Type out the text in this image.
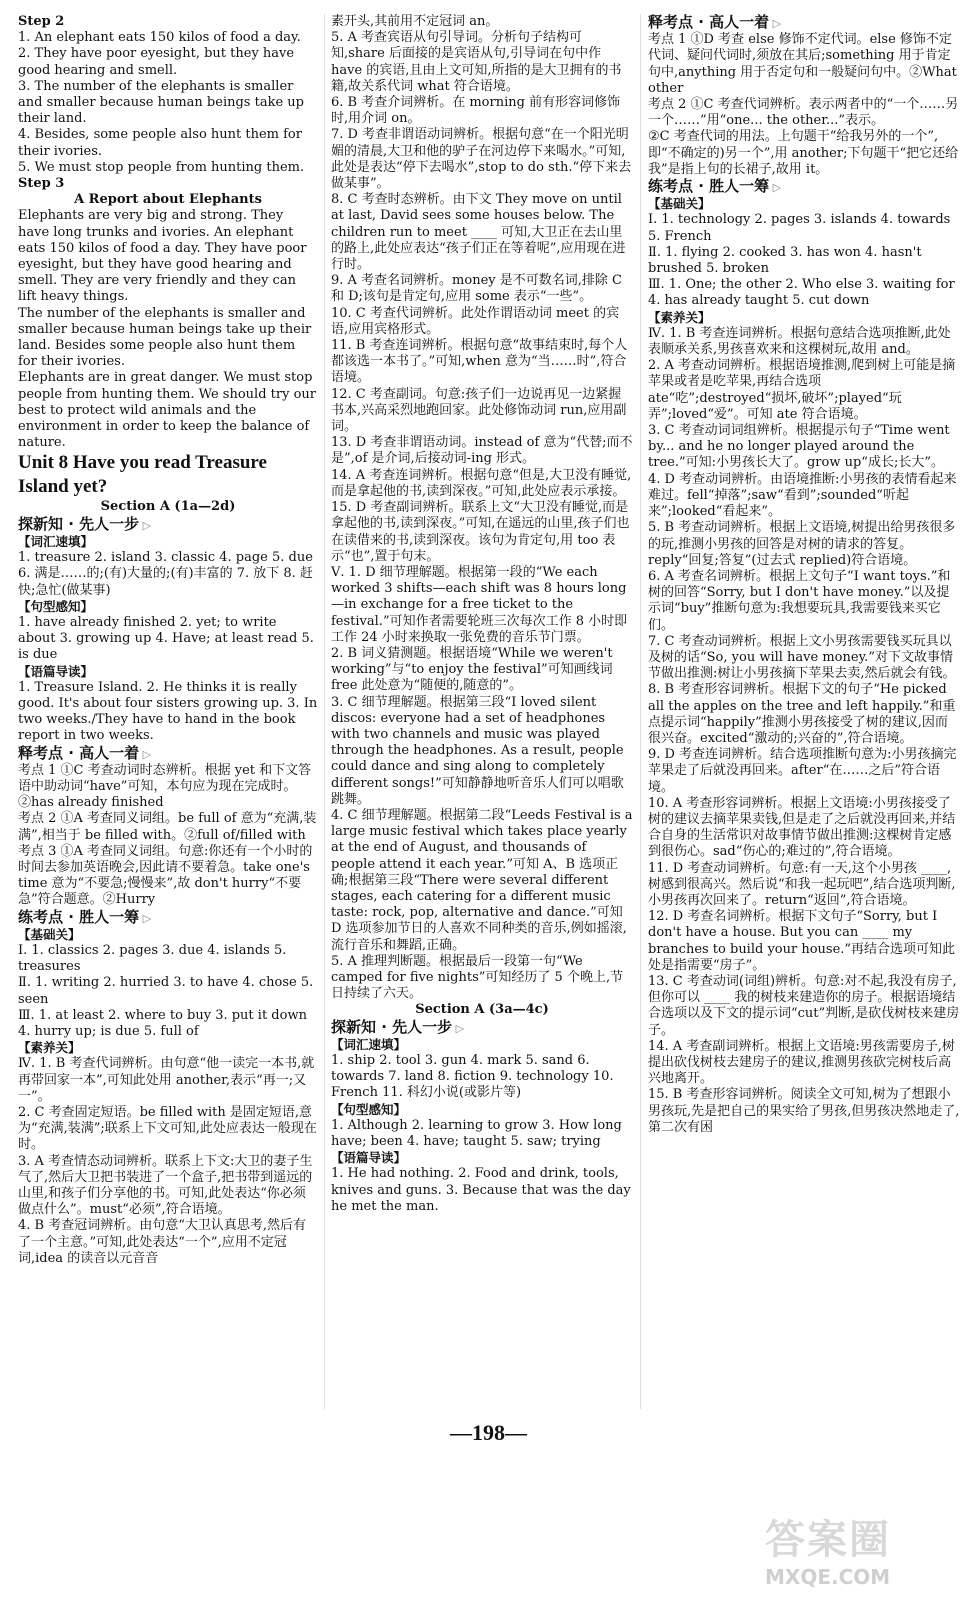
Step 2
1. An elephant eats 150 kilos of food a day.
2. They have poor eyesight, but they have good hearing and smell.
3. The number of the elephants is smaller and smaller because human beings take up their land.
4. Besides, some people also hunt them for their ivories.
5. We must stop people from hunting them.
Step 3
A Report about Elephants
Elephants are very big and strong. They have long trunks and ivories. An elephant eats 150 kilos of food a day. They have poor eyesight, but they have good hearing and smell. They are very friendly and they can lift heavy things.
The number of the elephants is smaller and smaller because human beings take up their land. Besides some people also hunt them for their ivories.
Elephants are in great danger. We must stop people from hunting them. We should try our best to protect wild animals and the environment in order to keep the balance of nature.
Unit 8 Have you read Treasure Island yet?
Section A (1a—2d)
探新知 · 先人一步 ▷
【词汇速填】
1. treasure 2. island 3. classic 4. page 5. due 6. 满是……的;(有)大量的;(有)丰富的 7. 放下 8. 赶快;急忙(做某事)
【句型感知】
1. have already finished 2. yet; to write about 3. growing up 4. Have; at least read 5. is due
【语篇导读】
1. Treasure Island. 2. He thinks it is really good. It's about four sisters growing up. 3. In two weeks./They have to hand in the book report in two weeks.
释考点 · 高人一着 ▷
考点 1 ①C 考查动词时态辨析。根据 yet 和下文答语中助动词“have”可知，本句应为现在完成时。②has already finished
考点 2 ①A 考查同义词组。be full of 意为“充满,装满”,相当于 be filled with。②full of/filled with
考点 3 ①A 考查同义词组。句意:你还有一个小时的时间去参加英语晚会,因此请不要着急。take one's time 意为“不要急;慢慢来”,故 don't hurry“不要急”符合题意。②Hurry
练考点 · 胜人一筹 ▷
【基础关】
Ⅰ. 1. classics 2. pages 3. due 4. islands 5. treasures
Ⅱ. 1. writing 2. hurried 3. to have 4. chose 5. seen
Ⅲ. 1. at least 2. where to buy 3. put it down 4. hurry up; is due 5. full of
【素养关】
Ⅳ. 1. B 考查代词辨析。由句意“他一读完一本书,就再带回家一本”,可知此处用 another,表示“再一;又一”。
2. C 考查固定短语。be filled with 是固定短语,意为“充满,装满”;联系上下文可知,此处应表达一般现在时。
3. A 考查情态动词辨析。联系上下文:大卫的妻子生气了,然后大卫把书装进了一个盒子,把书带到遥远的山里,和孩子们分享他的书。可知,此处表达“你必须做点什么”。must“必须”,符合语境。
4. B 考查冠词辨析。由句意“大卫认真思考,然后有了一个主意。”可知,此处表达“一个”,应用不定冠词,idea 的读音以元音音
素开头,其前用不定冠词 an。
5. A 考查宾语从句引导词。分析句子结构可知,share 后面接的是宾语从句,引导词在句中作 have 的宾语,且由上文可知,所指的是大卫拥有的书籍,故关系代词 what 符合语境。
6. B 考查介词辨析。在 morning 前有形容词修饰时,用介词 on。
7. D 考查非谓语动词辨析。根据句意“在一个阳光明媚的清晨,大卫和他的驴子在河边停下来喝水。”可知,此处是表达“停下去喝水”,stop to do sth.“停下来去做某事”。
8. C 考查时态辨析。由下文 They move on until at last, David sees some houses below. The children run to meet ____ 可知,大卫正在去山里的路上,此处应表达“孩子们正在等着呢”,应用现在进行时。
9. A 考查名词辨析。money 是不可数名词,排除 C 和 D;该句是肯定句,应用 some 表示“一些”。
10. C 考查代词辨析。此处作谓语动词 meet 的宾语,应用宾格形式。
11. B 考查连词辨析。根据句意“故事结束时,每个人都该选一本书了。”可知,when 意为“当……时”,符合语境。
12. C 考查副词。句意:孩子们一边说再见一边紧握书本,兴高采烈地跑回家。此处修饰动词 run,应用副词。
13. D 考查非谓语动词。instead of 意为“代替;而不是”,of 是介词,后接动词-ing 形式。
14. A 考查连词辨析。根据句意“但是,大卫没有睡觉,而是拿起他的书,读到深夜。”可知,此处应表示承接。
15. D 考查副词辨析。联系上文“大卫没有睡觉,而是拿起他的书,读到深夜。”可知,在遥远的山里,孩子们也在读借来的书,读到深夜。该句为肯定句,用 too 表示“也”,置于句末。
Ⅴ. 1. D 细节理解题。根据第一段的“We each worked 3 shifts—each shift was 8 hours long—in exchange for a free ticket to the festival.”可知作者需要轮班三次每次工作 8 小时即工作 24 小时来换取一张免费的音乐节门票。
2. B 词义猜测题。根据语境“While we weren't working”与“to enjoy the festival”可知画线词 free 此处意为“随便的,随意的”。
3. C 细节理解题。根据第三段“I loved silent discos: everyone had a set of headphones with two channels and music was played through the headphones. As a result, people could dance and sing along to completely different songs!”可知静静地听音乐人们可以唱歌跳舞。
4. C 细节理解题。根据第二段“Leeds Festival is a large music festival which takes place yearly at the end of August, and thousands of people attend it each year.”可知 A、B 选项正确;根据第三段“There were several different stages, each catering for a different music taste: rock, pop, alternative and dance.”可知 D 选项参加节日的人喜欢不同种类的音乐,例如摇滚,流行音乐和舞蹈,正确。
5. A 推理判断题。根据最后一段第一句“We camped for five nights”可知经历了 5 个晚上,节日持续了六天。
Section A (3a—4c)
探新知 · 先人一步 ▷
【词汇速填】
1. ship 2. tool 3. gun 4. mark 5. sand 6. towards 7. land 8. fiction 9. technology 10. French 11. 科幻小说(或影片等)
【句型感知】
1. Although 2. learning to grow 3. How long have; been 4. have; taught 5. saw; trying
【语篇导读】
1. He had nothing. 2. Food and drink, tools, knives and guns. 3. Because that was the day he met the man.
释考点 · 高人一着 ▷
考点 1 ①D 考查 else 修饰不定代词。else 修饰不定代词、疑问代词时,须放在其后;something 用于肯定句中,anything 用于否定句和一般疑问句中。②What other
考点 2 ①C 考查代词辨析。表示两者中的“一个……另一个……”用“one... the other...”表示。
②C 考查代词的用法。上句题干“给我另外的一个”,即“不确定的)另一个”,用 another;下句题干“把它还给我”是指上句的长裙子,故用 it。
练考点 · 胜人一筹 ▷
【基础关】
Ⅰ. 1. technology 2. pages 3. islands 4. towards 5. French
Ⅱ. 1. flying 2. cooked 3. has won 4. hasn't brushed 5. broken
Ⅲ. 1. One; the other 2. Who else 3. waiting for 4. has already taught 5. cut down
【素养关】
Ⅳ. 1. B 考查连词辨析。根据句意结合选项推断,此处表顺承关系,男孩喜欢来和这棵树玩,故用 and。
2. A 考查动词辨析。根据语境推测,爬到树上可能是摘苹果或者是吃苹果,再结合选项 ate“吃”;destroyed“损坏,破坏”;played“玩弄”;loved“爱”。可知 ate 符合语境。
3. C 考查动词词组辨析。根据提示句子“Time went by... and he no longer played around the tree.”可知:小男孩长大了。grow up“成长;长大”。
4. D 考查动词辨析。由语境推断:小男孩的表情看起来难过。fell“掉落”;saw“看到”;sounded“听起来”;looked“看起来”。
5. B 考查动词辨析。根据上文语境,树提出给男孩很多的玩,推测小男孩的回答是对树的请求的答复。reply“回复;答复”(过去式 replied)符合语境。
6. A 考查名词辨析。根据上文句子“I want toys.”和树的回答“Sorry, but I don't have money.”以及提示词“buy”推断句意为:我想要玩具,我需要钱来买它们。
7. C 考查动词辨析。根据上文小男孩需要钱买玩具以及树的话“So, you will have money.”对下文故事情节做出推测:树让小男孩摘下苹果去卖,然后就会有钱。
8. B 考查形容词辨析。根据下文的句子“He picked all the apples on the tree and left happily.”和重点提示词“happily”推测小男孩接受了树的建议,因而很兴奋。excited“激动的;兴奋的”,符合语境。
9. D 考查连词辨析。结合选项推断句意为:小男孩摘完苹果走了后就没再回来。after“在……之后”符合语境。
10. A 考查形容词辨析。根据上文语境:小男孩接受了树的建议去摘苹果卖钱,但是走了之后就没再回来,并结合自身的生活常识对故事情节做出推测:这棵树肯定感到很伤心。sad“伤心的;难过的”,符合语境。
11. D 考查动词辨析。句意:有一天,这个小男孩 ____,树感到很高兴。然后说“和我一起玩吧”,结合选项判断,小男孩再次回来了。return“返回”,符合语境。
12. D 考查名词辨析。根据下文句子“Sorry, but I don't have a house. But you can ____ my branches to build your house.”再结合选项可知此处是指需要“房子”。
13. C 考查动词(词组)辨析。句意:对不起,我没有房子,但你可以 ____ 我的树枝来建造你的房子。根据语境结合选项以及下文的提示词“cut”判断,是砍伐树枝来建房子。
14. A 考查副词辨析。根据上文语境:男孩需要房子,树提出砍伐树枝去建房子的建议,推测男孩砍完树枝后高兴地离开。
15. B 考查形容词辨析。阅读全文可知,树为了想跟小男孩玩,先是把自己的果实给了男孩,但男孩决然地走了,第二次有困
—198—
答案圈
MXQE.COM
